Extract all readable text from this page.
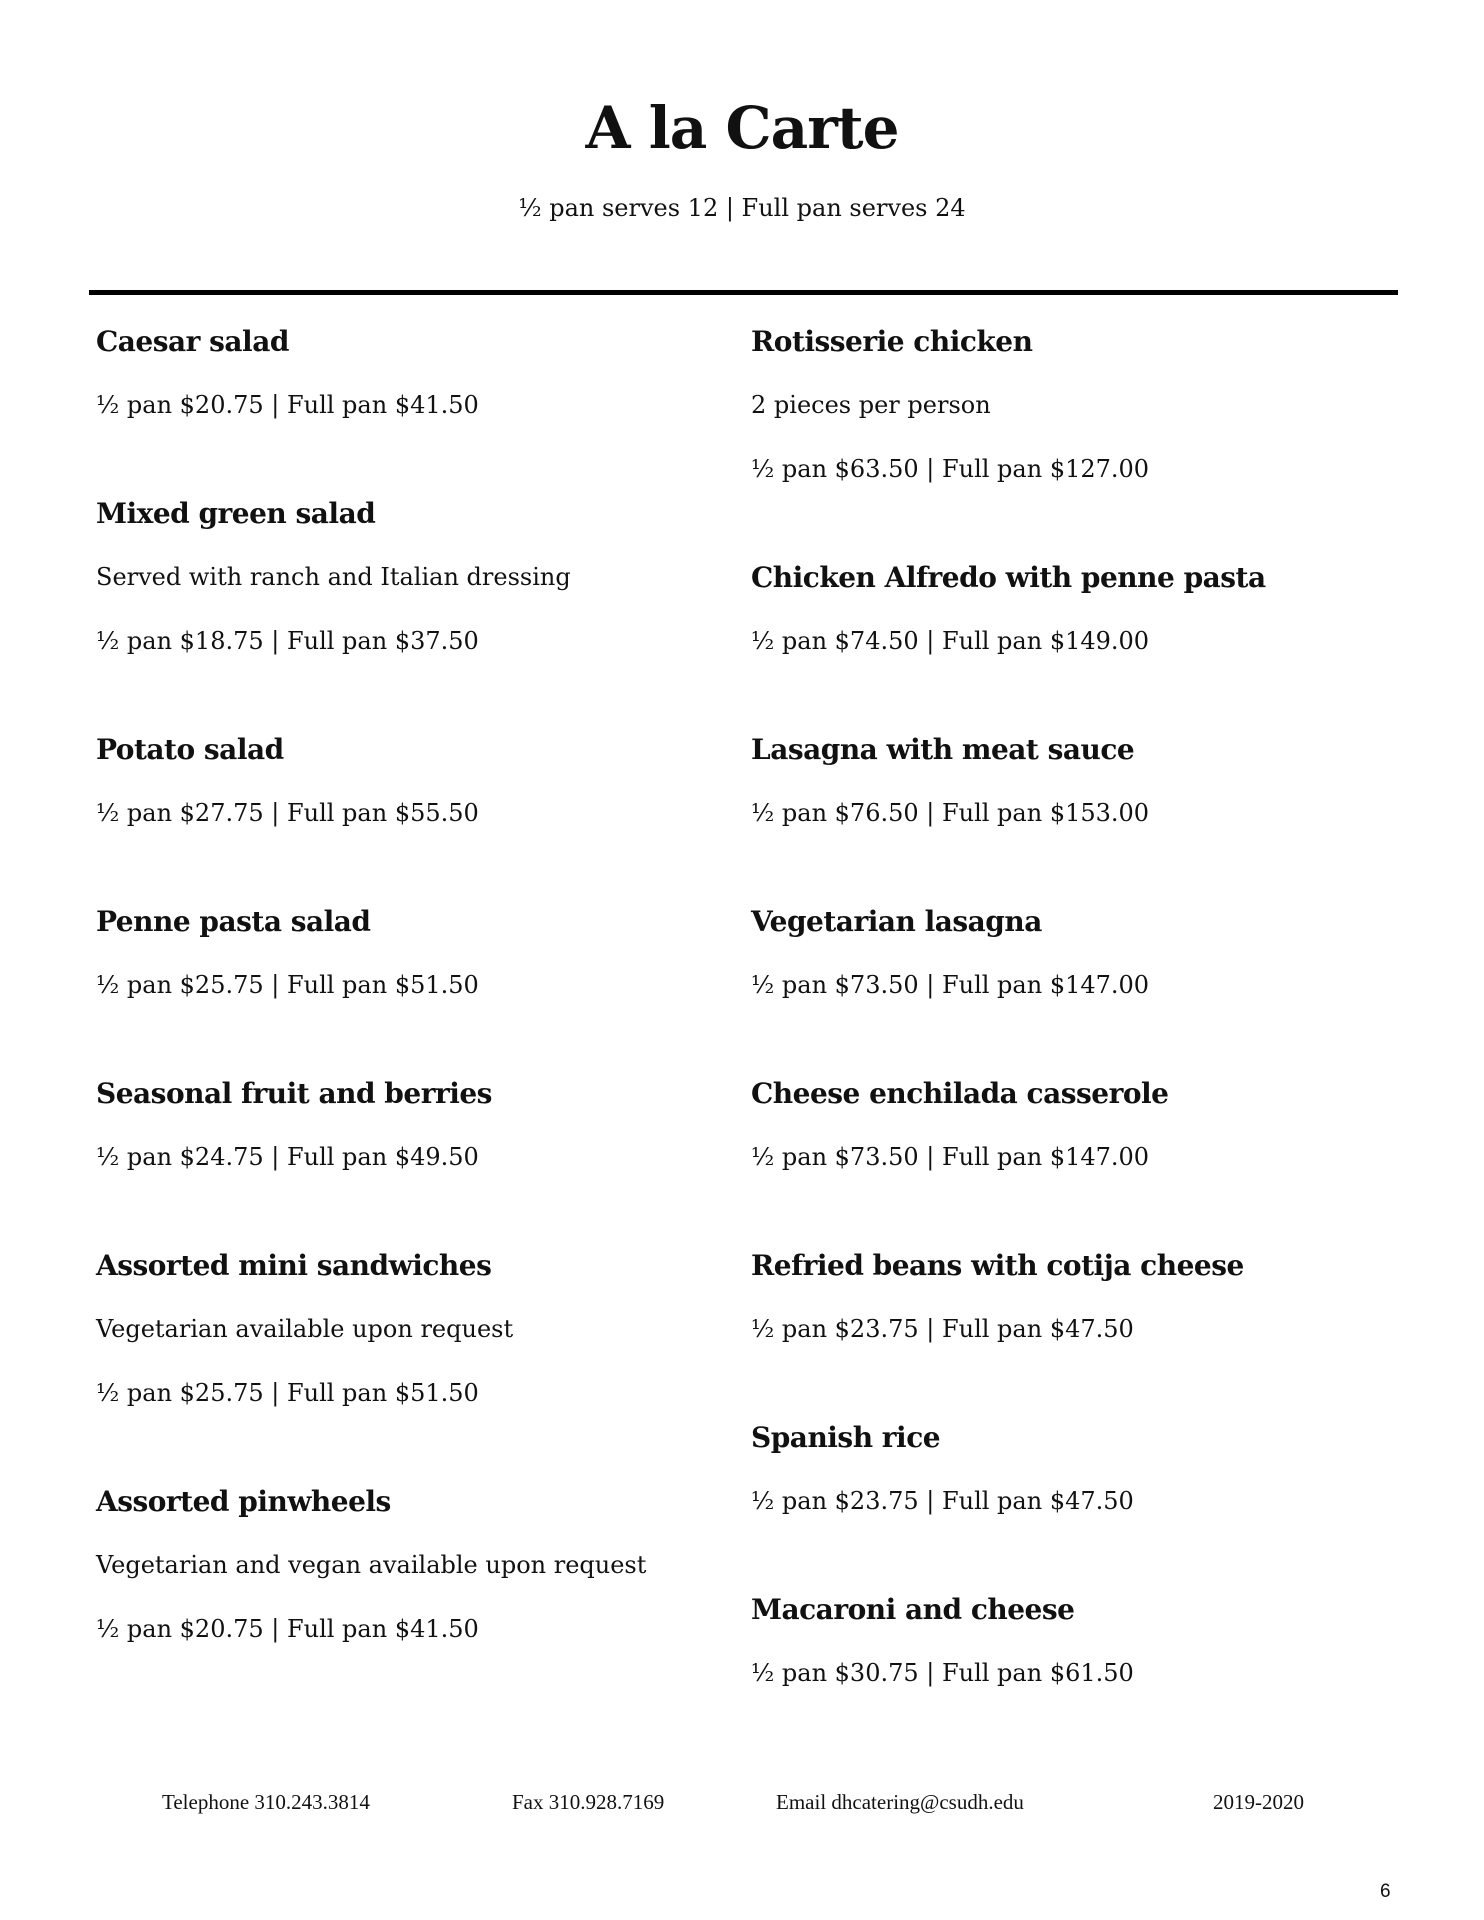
A la Carte
½ pan serves 12 | Full pan serves 24

Caesar salad

½ pan $20.75 | Full pan $41.50

Mixed green salad

Served with ranch and Italian dressing

½ pan $18.75 | Full pan $37.50

Potato salad

½ pan $27.75 | Full pan $55.50

Penne pasta salad

½ pan $25.75 | Full pan $51.50

Seasonal fruit and berries

½ pan $24.75 | Full pan $49.50

Assorted mini sandwiches

Vegetarian available upon request

½ pan $25.75 | Full pan $51.50

Assorted pinwheels

Vegetarian and vegan available upon request

½ pan $20.75 | Full pan $41.50

Rotisserie chicken

2 pieces per person

½ pan $63.50 | Full pan $127.00

Chicken Alfredo with penne pasta

½ pan $74.50 | Full pan $149.00

Lasagna with meat sauce

½ pan $76.50 | Full pan $153.00

Vegetarian lasagna

½ pan $73.50 | Full pan $147.00

Cheese enchilada casserole

½ pan $73.50 | Full pan $147.00

Refried beans with cotija cheese

½ pan $23.75 | Full pan $47.50

Spanish rice

½ pan $23.75 | Full pan $47.50

Macaroni and cheese

½ pan $30.75 | Full pan $61.50

Telephone 310.243.3814	Fax 310.928.7169	Email dhcatering@csudh.edu	2019-2020
6
